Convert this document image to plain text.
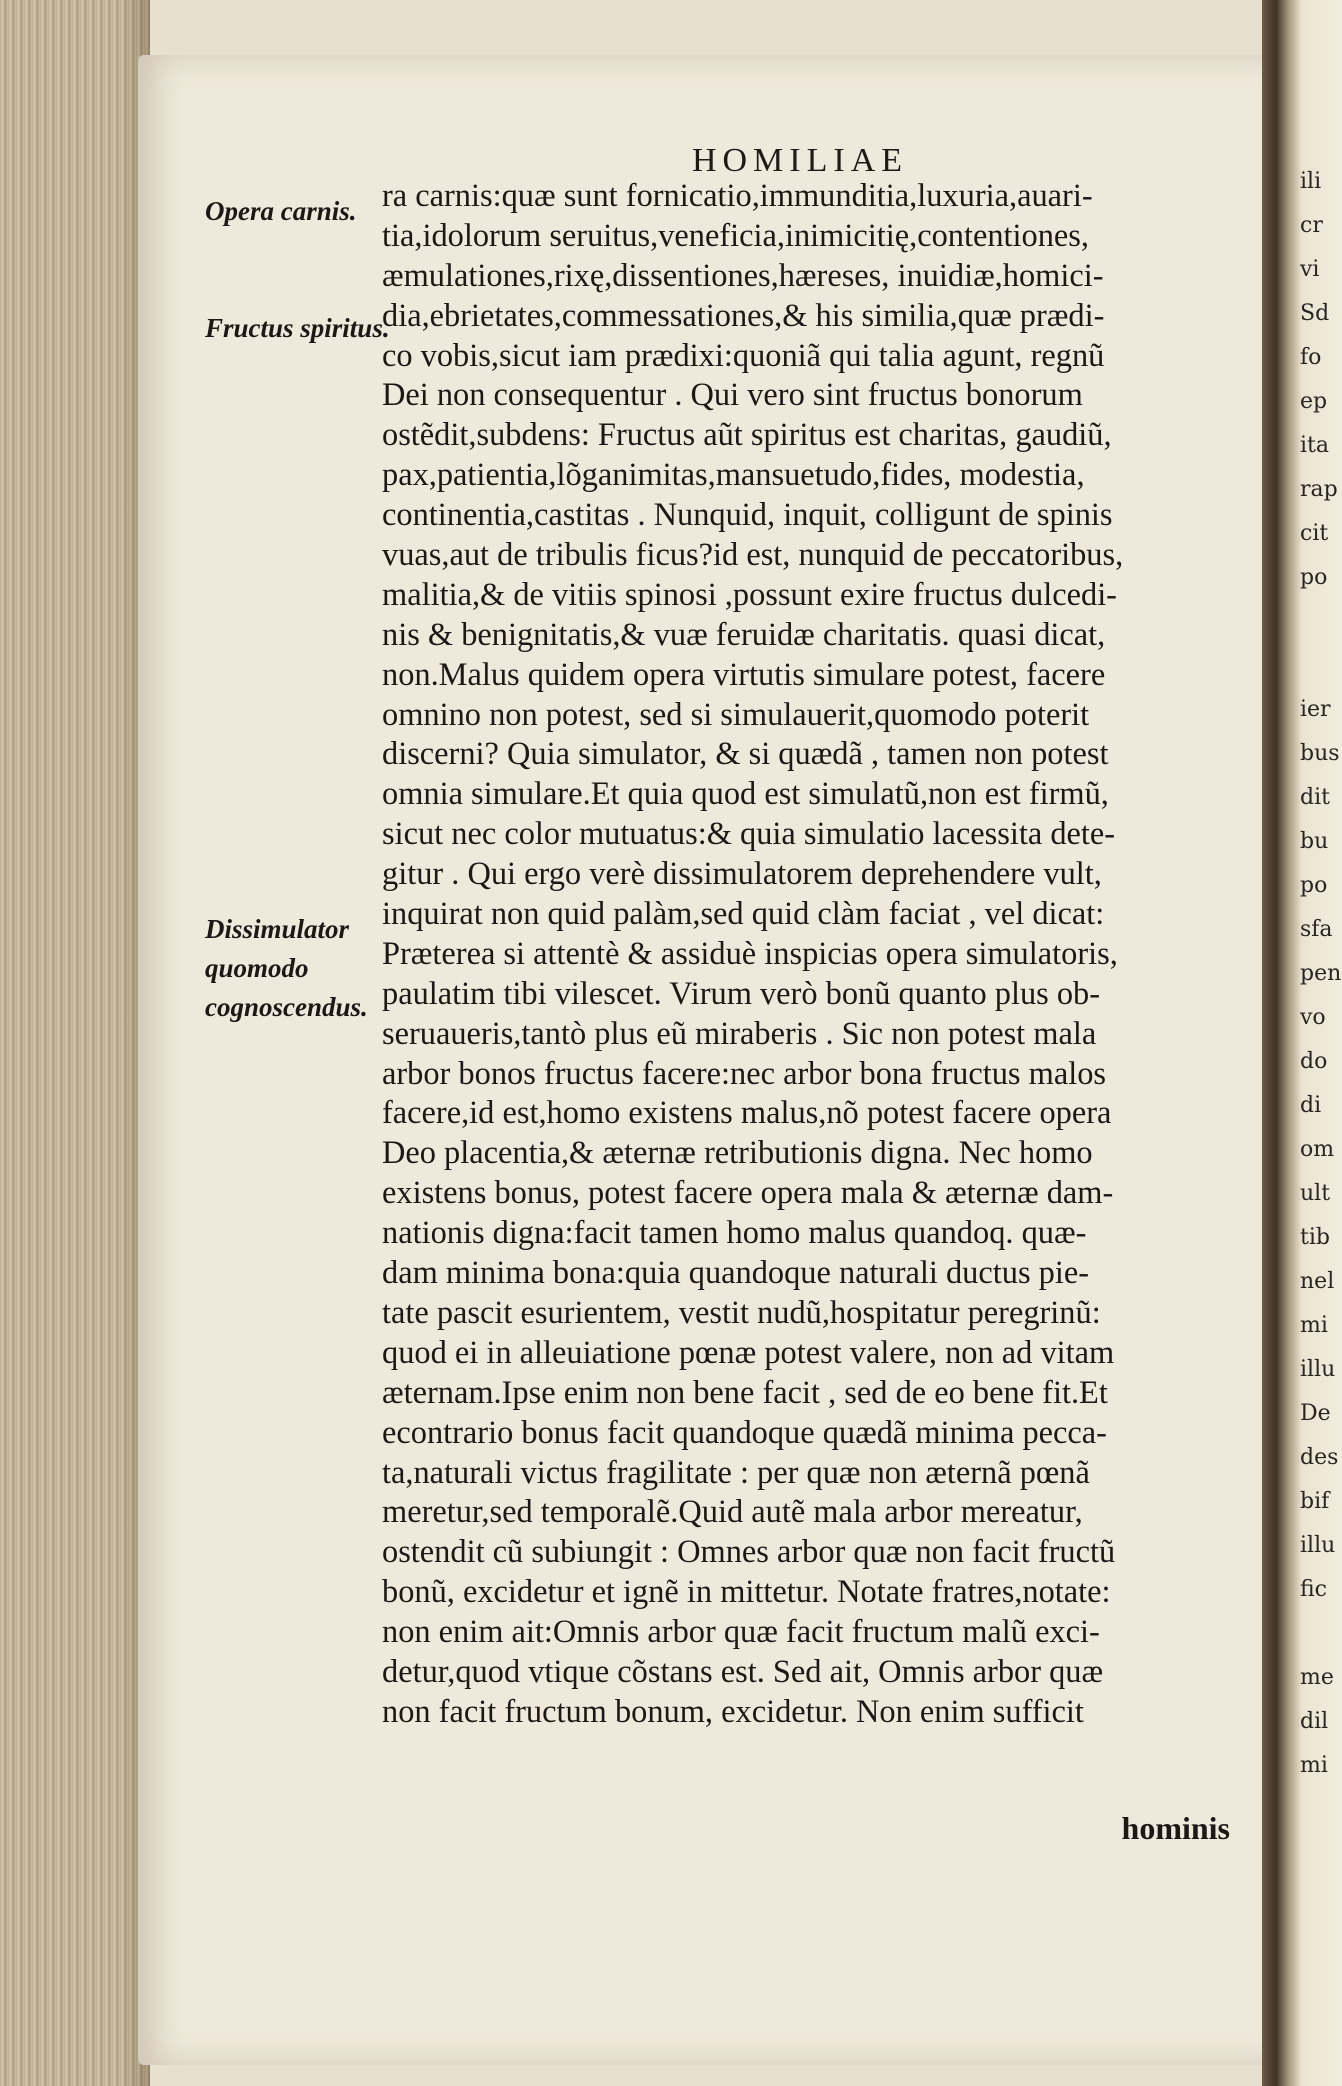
ili
cr
vi
Sd
fo
ep
ita
rap
cit
po
ier
bus
dit
bu
po
sfa
pen
vo
do
di
om
ult
tib
nel
mi
illu
De
des
bif
illu
fic
me
dil
mi
HOMILIAE
Opera carnis.
Fructus spiritus.
Dissimulator quomodo cognoscendus.
ra carnis:quæ sunt fornicatio,immunditia,luxuria,auari-
tia,idolorum seruitus,veneficia,inimicitię,contentiones,
æmulationes,rixę,dissentiones,hæreses, inuidiæ,homici-
dia,ebrietates,commessationes,& his similia,quæ prædi-
co vobis,sicut iam prædixi:quoniã qui talia agunt, regnũ
Dei non consequentur . Qui vero sint fructus bonorum
ostẽdit,subdens: Fructus aũt spiritus est charitas, gaudiũ,
pax,patientia,lõganimitas,mansuetudo,fides, modestia,
continentia,castitas . Nunquid, inquit, colligunt de spinis
vuas,aut de tribulis ficus?id est, nunquid de peccatoribus,
malitia,& de vitiis spinosi ,possunt exire fructus dulcedi-
nis & benignitatis,& vuæ feruidæ charitatis. quasi dicat,
non.Malus quidem opera virtutis simulare potest, facere
omnino non potest, sed si simulauerit,quomodo poterit
discerni? Quia simulator, & si quædã , tamen non potest
omnia simulare.Et quia quod est simulatũ,non est firmũ,
sicut nec color mutuatus:& quia simulatio lacessita dete-
gitur . Qui ergo verè dissimulatorem deprehendere vult,
inquirat non quid palàm,sed quid clàm faciat , vel dicat:
Præterea si attentè & assiduè inspicias opera simulatoris,
paulatim tibi vilescet. Virum verò bonũ quanto plus ob-
seruaueris,tantò plus eũ miraberis . Sic non potest mala
arbor bonos fructus facere:nec arbor bona fructus malos
facere,id est,homo existens malus,nõ potest facere opera
Deo placentia,& æternæ retributionis digna. Nec homo
existens bonus, potest facere opera mala & æternæ dam-
nationis digna:facit tamen homo malus quandoq. quæ-
dam minima bona:quia quandoque naturali ductus pie-
tate pascit esurientem, vestit nudũ,hospitatur peregrinũ:
quod ei in alleuiatione pœnæ potest valere, non ad vitam
æternam.Ipse enim non bene facit , sed de eo bene fit.Et
econtrario bonus facit quandoque quædã minima pecca-
ta,naturali victus fragilitate : per quæ non æternã pœnã
meretur,sed temporalẽ.Quid autẽ mala arbor mereatur,
ostendit cũ subiungit : Omnes arbor quæ non facit fructũ
bonũ, excidetur et ignẽ in mittetur. Notate fratres,notate:
non enim ait:Omnis arbor quæ facit fructum malũ exci-
detur,quod vtique cõstans est. Sed ait, Omnis arbor quæ
non facit fructum bonum, excidetur. Non enim sufficit
hominis
